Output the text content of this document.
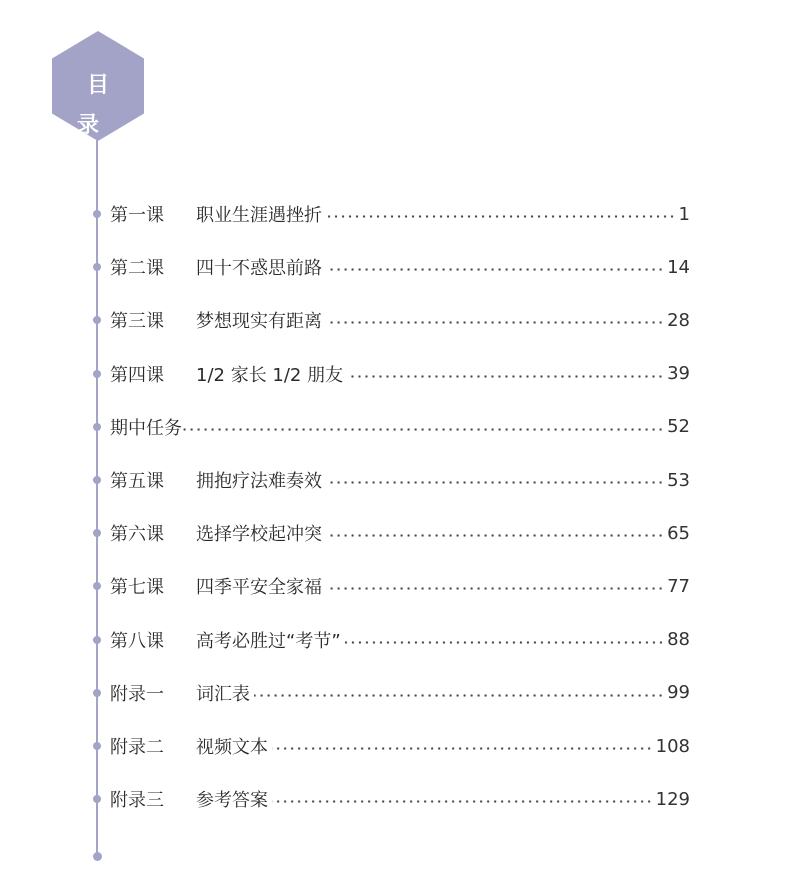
目 录
第一课	职业生涯遇挫折	1
第二课	四十不惑思前路	14
第三课	梦想现实有距离	28
第四课	1/2 家长 1/2 朋友	39
期中任务	52
第五课	拥抱疗法难奏效	53
第六课	选择学校起冲突	65
第七课	四季平安全家福	77
第八课	高考必胜过“考节”	88
附录一	词汇表	99
附录二	视频文本	108
附录三	参考答案	129
